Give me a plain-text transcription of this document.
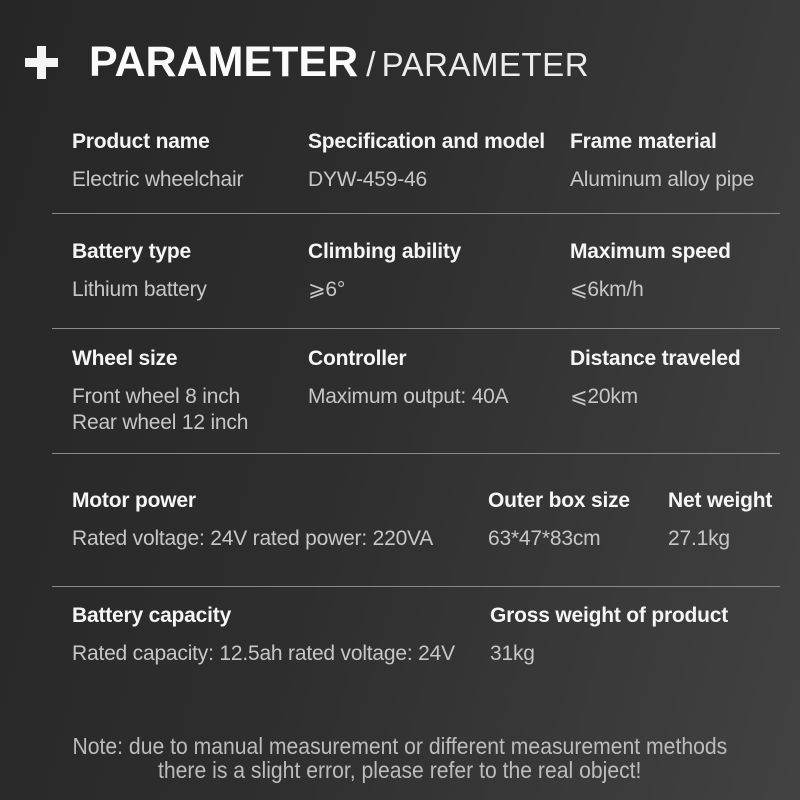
PARAMETER / PARAMETER
Product name
Electric wheelchair
Specification and model
DYW-459-46
Frame material
Aluminum alloy pipe
Battery type
Lithium battery
Climbing ability
⩾6°
Maximum speed
⩽6km/h
Wheel size
Front wheel 8 inch
Rear wheel 12 inch
Controller
Maximum output: 40A
Distance traveled
⩽20km
Motor power
Rated voltage: 24V rated power: 220VA
Outer box size
63*47*83cm
Net weight
27.1kg
Battery capacity
Rated capacity: 12.5ah rated voltage: 24V
Gross weight of product
31kg
Note: due to manual measurement or different measurement methods
there is a slight error, please refer to the real object!
